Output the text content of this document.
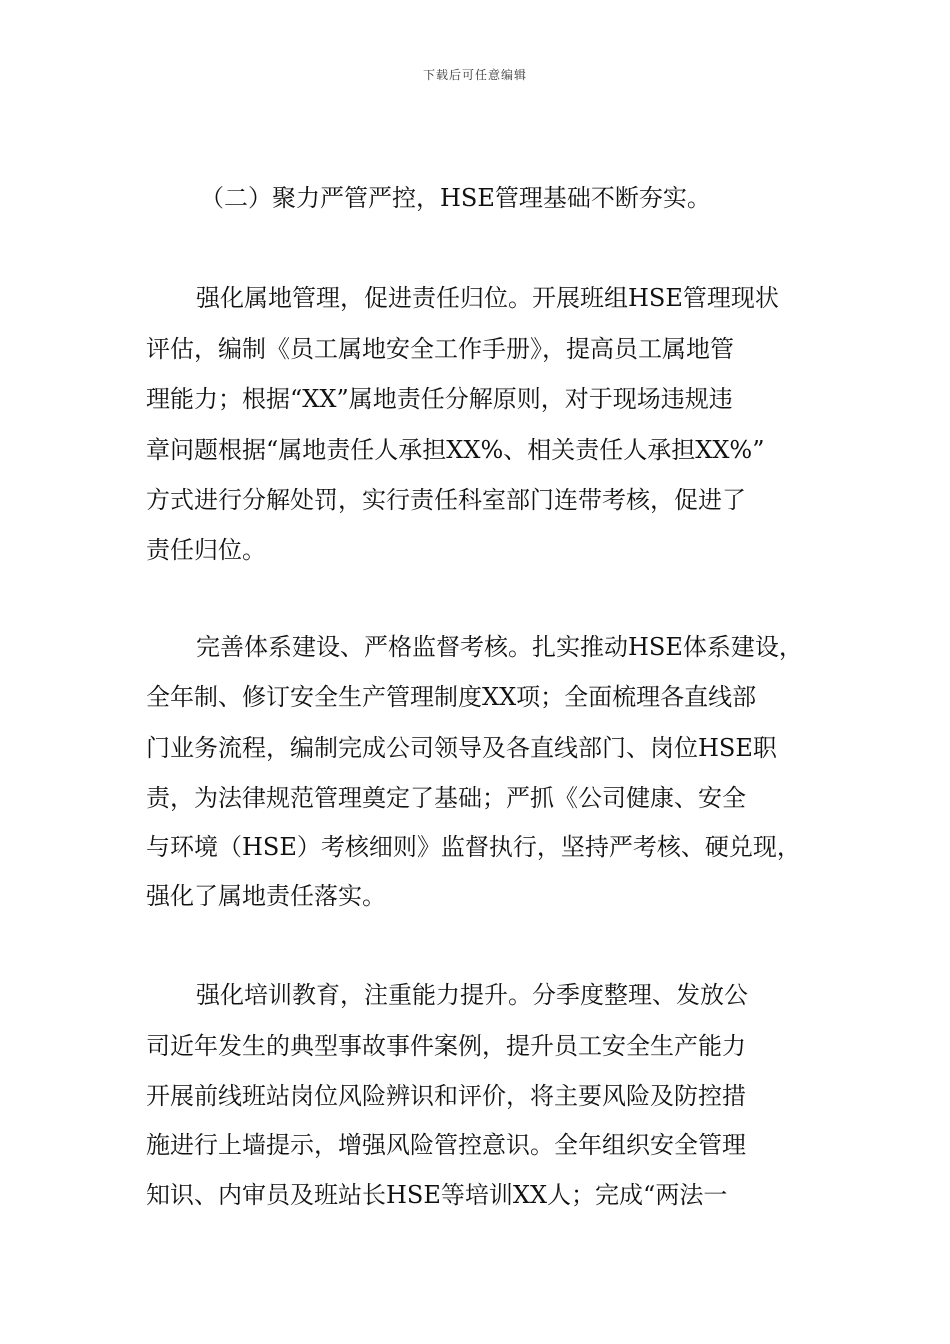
下载后可任意编辑
（二）聚力严管严控，HSE管理基础不断夯实。
强化属地管理，促进责任归位。开展班组HSE管理现状
评估，编制《员工属地安全工作手册》，提高员工属地管
理能力；根据“XX”属地责任分解原则，对于现场违规违
章问题根据“属地责任人承担XX%、相关责任人承担XX%”
方式进行分解处罚，实行责任科室部门连带考核，促进了
责任归位。
完善体系建设、严格监督考核。扎实推动HSE体系建设，
全年制、修订安全生产管理制度XX项；全面梳理各直线部
门业务流程，编制完成公司领导及各直线部门、岗位HSE职
责，为法律规范管理奠定了基础；严抓《公司健康、安全
与环境（HSE）考核细则》监督执行，坚持严考核、硬兑现，
强化了属地责任落实。
强化培训教育，注重能力提升。分季度整理、发放公
司近年发生的典型事故事件案例，提升员工安全生产能力
开展前线班站岗位风险辨识和评价，将主要风险及防控措
施进行上墙提示，增强风险管控意识。全年组织安全管理
知识、内审员及班站长HSE等培训XX人；完成“两法一
